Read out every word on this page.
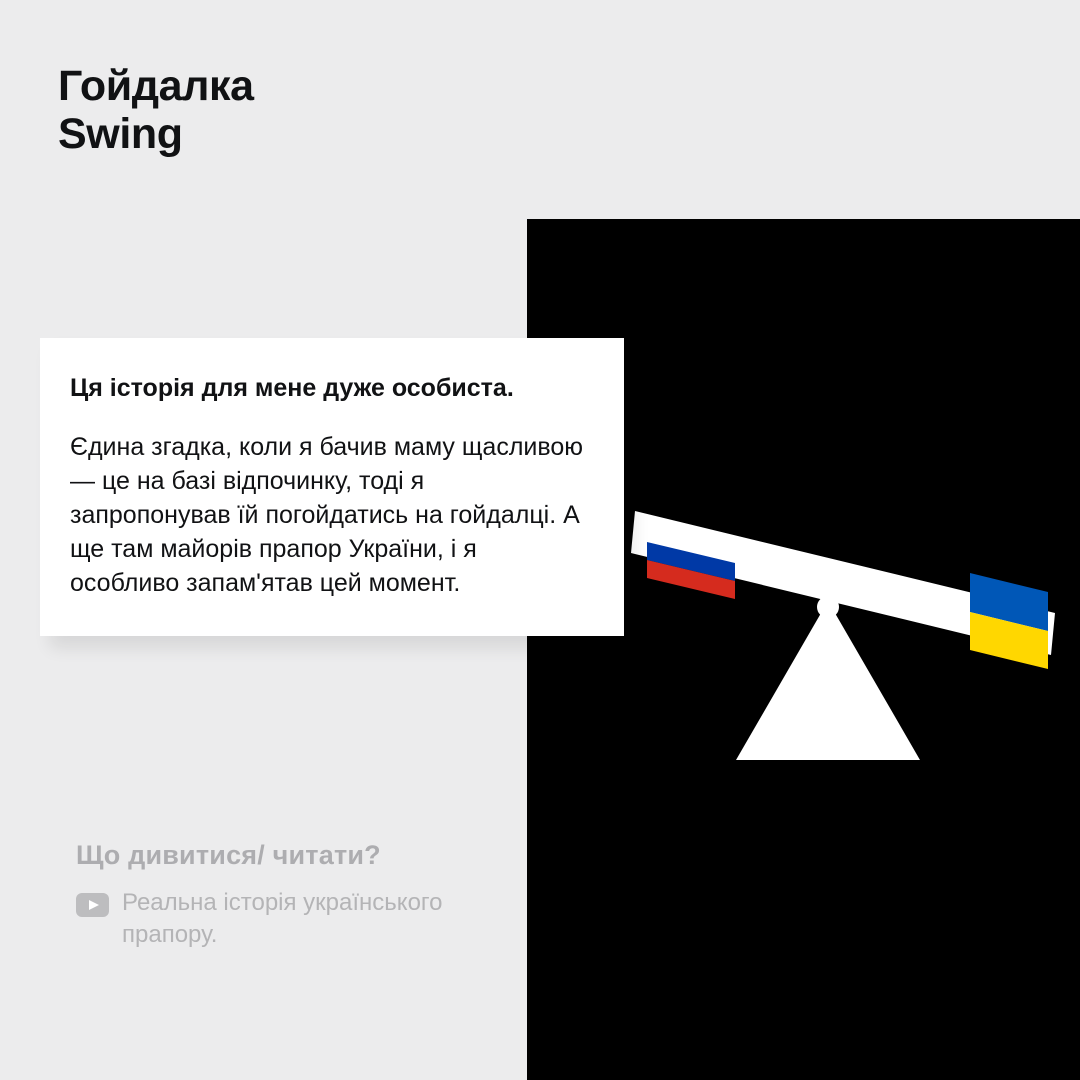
Гойдалка
Swing

Ця історія для мене дуже особиста.

Єдина згадка, коли я бачив маму щасливою — це на базі відпочинку, тоді я запропонував їй погойдатись на гойдалці. А ще там майорів прапор України, і я особливо запам'ятав цей момент.

Що дивитися/ читати?
Реальна історія українського прапору.
